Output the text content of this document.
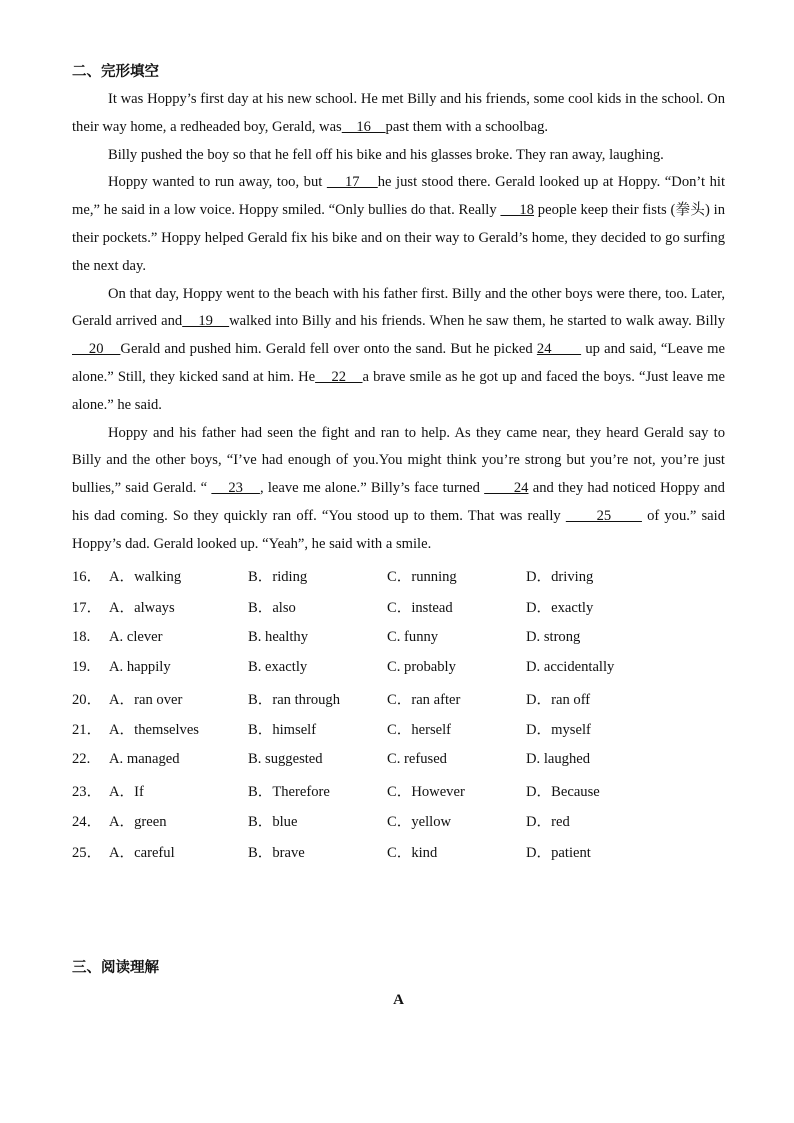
二、完形填空

It was Hoppy’s first day at his new school. He met Billy and his friends, some cool kids in the school. On their way home, a redheaded boy, Gerald, was    16    past them with a schoolbag.

Billy pushed the boy so that he fell off his bike and his glasses broke. They ran away, laughing.

Hoppy wanted to run away, too, but     17    he just stood there. Gerald looked up at Hoppy. “Don’t hit me,” he said in a low voice. Hoppy smiled. “Only bullies do that. Really      18 people keep their fists (拳头) in their pockets.” Hoppy helped Gerald fix his bike and on their way to Gerald’s home, they decided to go surfing the next day.

On that day, Hoppy went to the beach with his father first. Billy and the other boys were there, too. Later, Gerald arrived and    19    walked into Billy and his friends. When he saw them, he started to walk away. Billy     20    Gerald and pushed him. Gerald fell over onto the sand. But he picked 24        up and said, “Leave me alone.” Still, they kicked sand at him. He    22    a brave smile as he got up and faced the boys. “Just leave me alone.” he said.

Hoppy and his father had seen the fight and ran to help. As they came near, they heard Gerald say to Billy and the other boys, “I’ve had enough of you.You might think you’re strong but you’re not, you’re just bullies,” said Gerald. “     23    , leave me alone.” Billy’s face turned        24 and they had noticed Hoppy and his dad coming. So they quickly ran off. “You stood up to them. That was really       25       of you.” said Hoppy’s dad. Gerald looked up. “Yeah”, he said with a smile.

16． A．walking	B．riding	C．running	D．driving
17． A．always	B．also	C．instead	D．exactly
18.	A. clever	B. healthy	C. funny	D. strong
19.	A. happily	B. exactly	C. probably	D. accidentally
20． A．ran over	B．ran through	C．ran after	D．ran off
21． A．themselves	B．himself	C．herself	D．myself
22.	A. managed	B. suggested	C. refused	D. laughed
23． A．If	B．Therefore	C．However	D．Because
24． A．green	B．blue	C．yellow	D．red
25． A．careful	B．brave	C．kind	D．patient
三、阅读理解
A
